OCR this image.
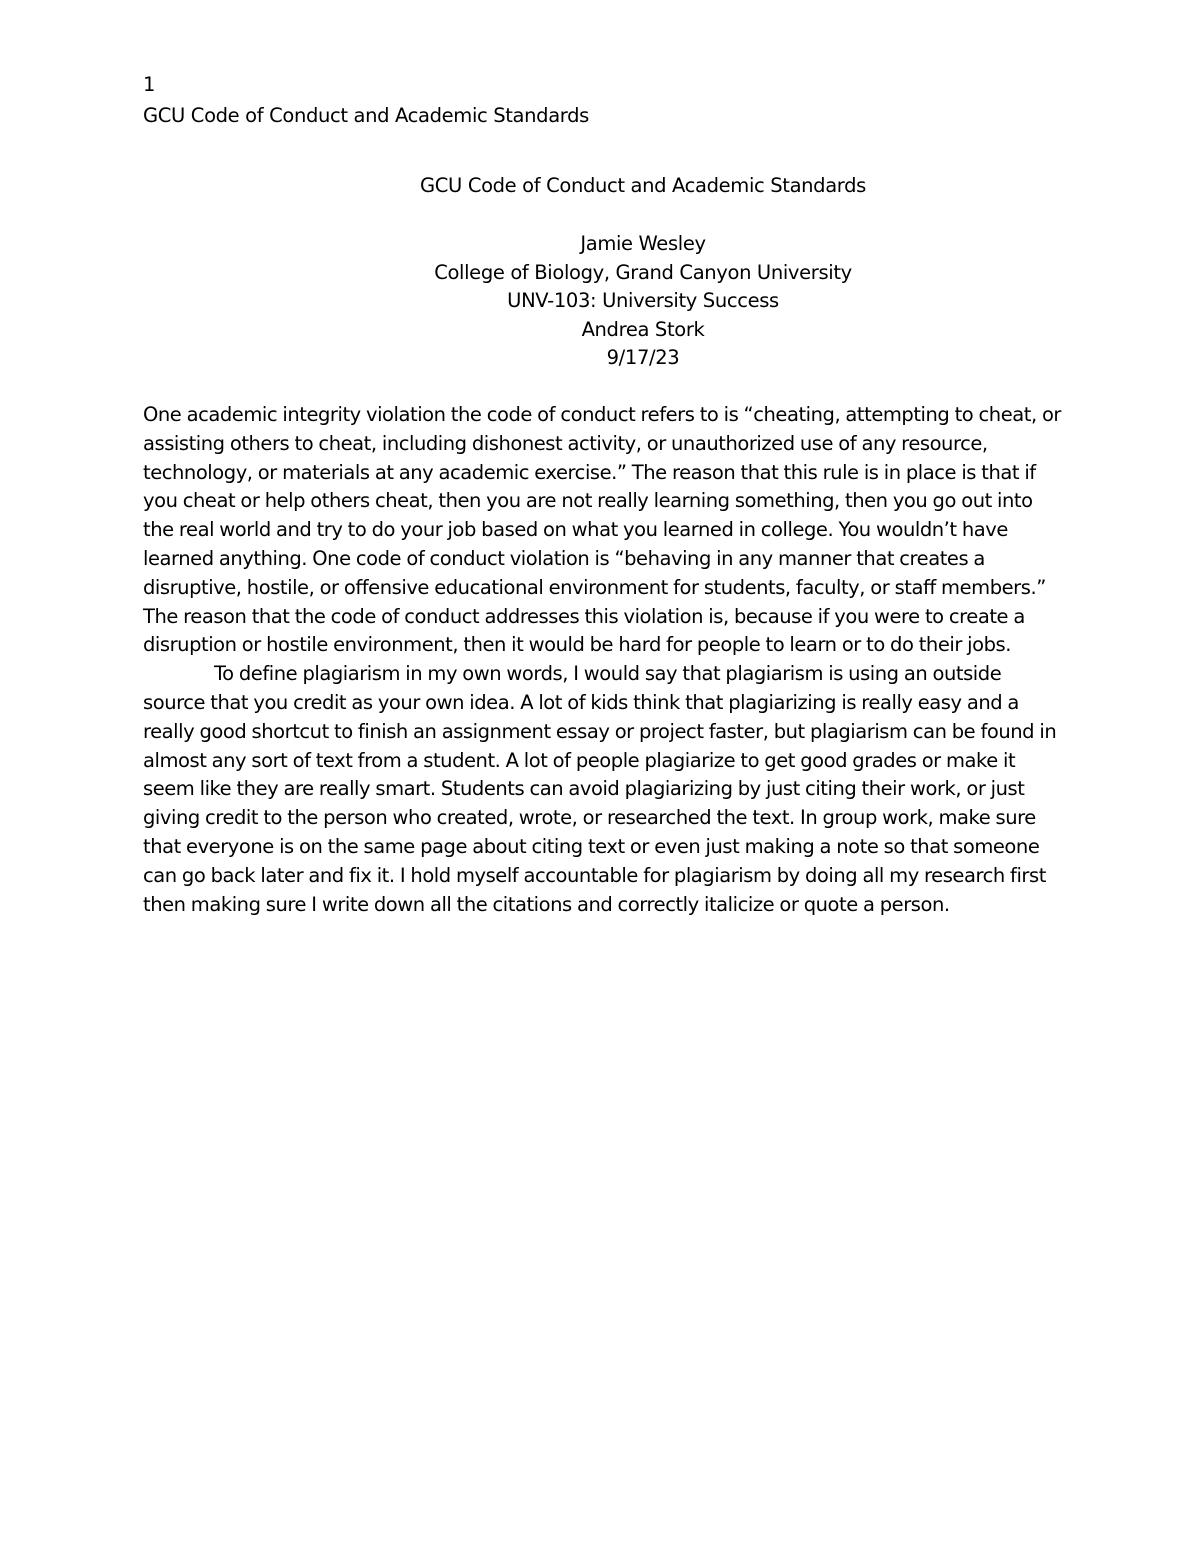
1
GCU Code of Conduct and Academic Standards
GCU Code of Conduct and Academic Standards
Jamie Wesley
College of Biology, Grand Canyon University
UNV-103: University Success
Andrea Stork
9/17/23

One academic integrity violation the code of conduct refers to is “cheating, attempting to cheat, or assisting others to cheat, including dishonest activity, or unauthorized use of any resource, technology, or materials at any academic exercise.” The reason that this rule is in place is that if you cheat or help others cheat, then you are not really learning something, then you go out into the real world and try to do your job based on what you learned in college. You wouldn’t have learned anything. One code of conduct violation is “behaving in any manner that creates a disruptive, hostile, or offensive educational environment for students, faculty, or staff members.” The reason that the code of conduct addresses this violation is, because if you were to create a disruption or hostile environment, then it would be hard for people to learn or to do their jobs.

To define plagiarism in my own words, I would say that plagiarism is using an outside source that you credit as your own idea. A lot of kids think that plagiarizing is really easy and a really good shortcut to finish an assignment essay or project faster, but plagiarism can be found in almost any sort of text from a student. A lot of people plagiarize to get good grades or make it seem like they are really smart. Students can avoid plagiarizing by just citing their work, or just giving credit to the person who created, wrote, or researched the text. In group work, make sure that everyone is on the same page about citing text or even just making a note so that someone can go back later and fix it. I hold myself accountable for plagiarism by doing all my research first then making sure I write down all the citations and correctly italicize or quote a person.
